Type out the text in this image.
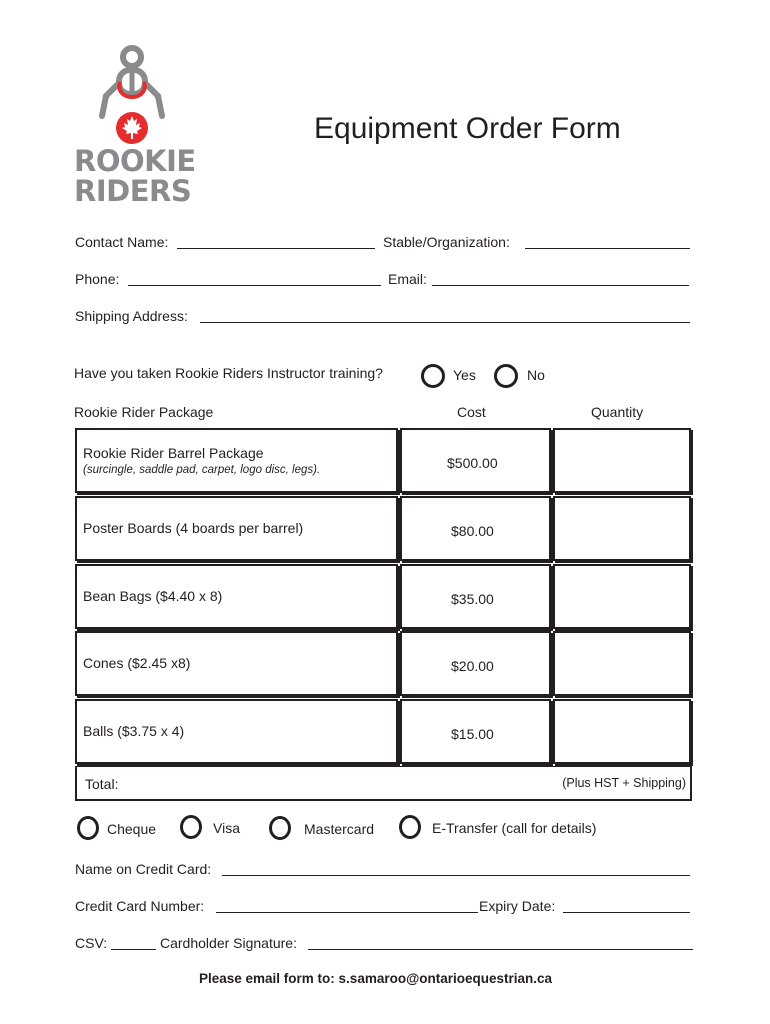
ROOKIE
RIDERS
Equipment Order Form
Contact Name:	Stable/Organization:
Phone:	Email:
Shipping Address:
Have you taken Rookie Riders Instructor training?	Yes	No
Rookie Rider Package	Cost	Quantity
Rookie Rider Barrel Package
(surcingle, saddle pad, carpet, logo disc, legs).	$500.00
Poster Boards (4 boards per barrel)	$80.00
Bean Bags ($4.40 x 8)	$35.00
Cones ($2.45 x8)	$20.00
Balls ($3.75 x 4)	$15.00
Total:	(Plus HST + Shipping)
Cheque	Visa	Mastercard	E-Transfer (call for details)
Name on Credit Card:
Credit Card Number:	Expiry Date:
CSV:	Cardholder Signature:
Please email form to: s.samaroo@ontarioequestrian.ca
